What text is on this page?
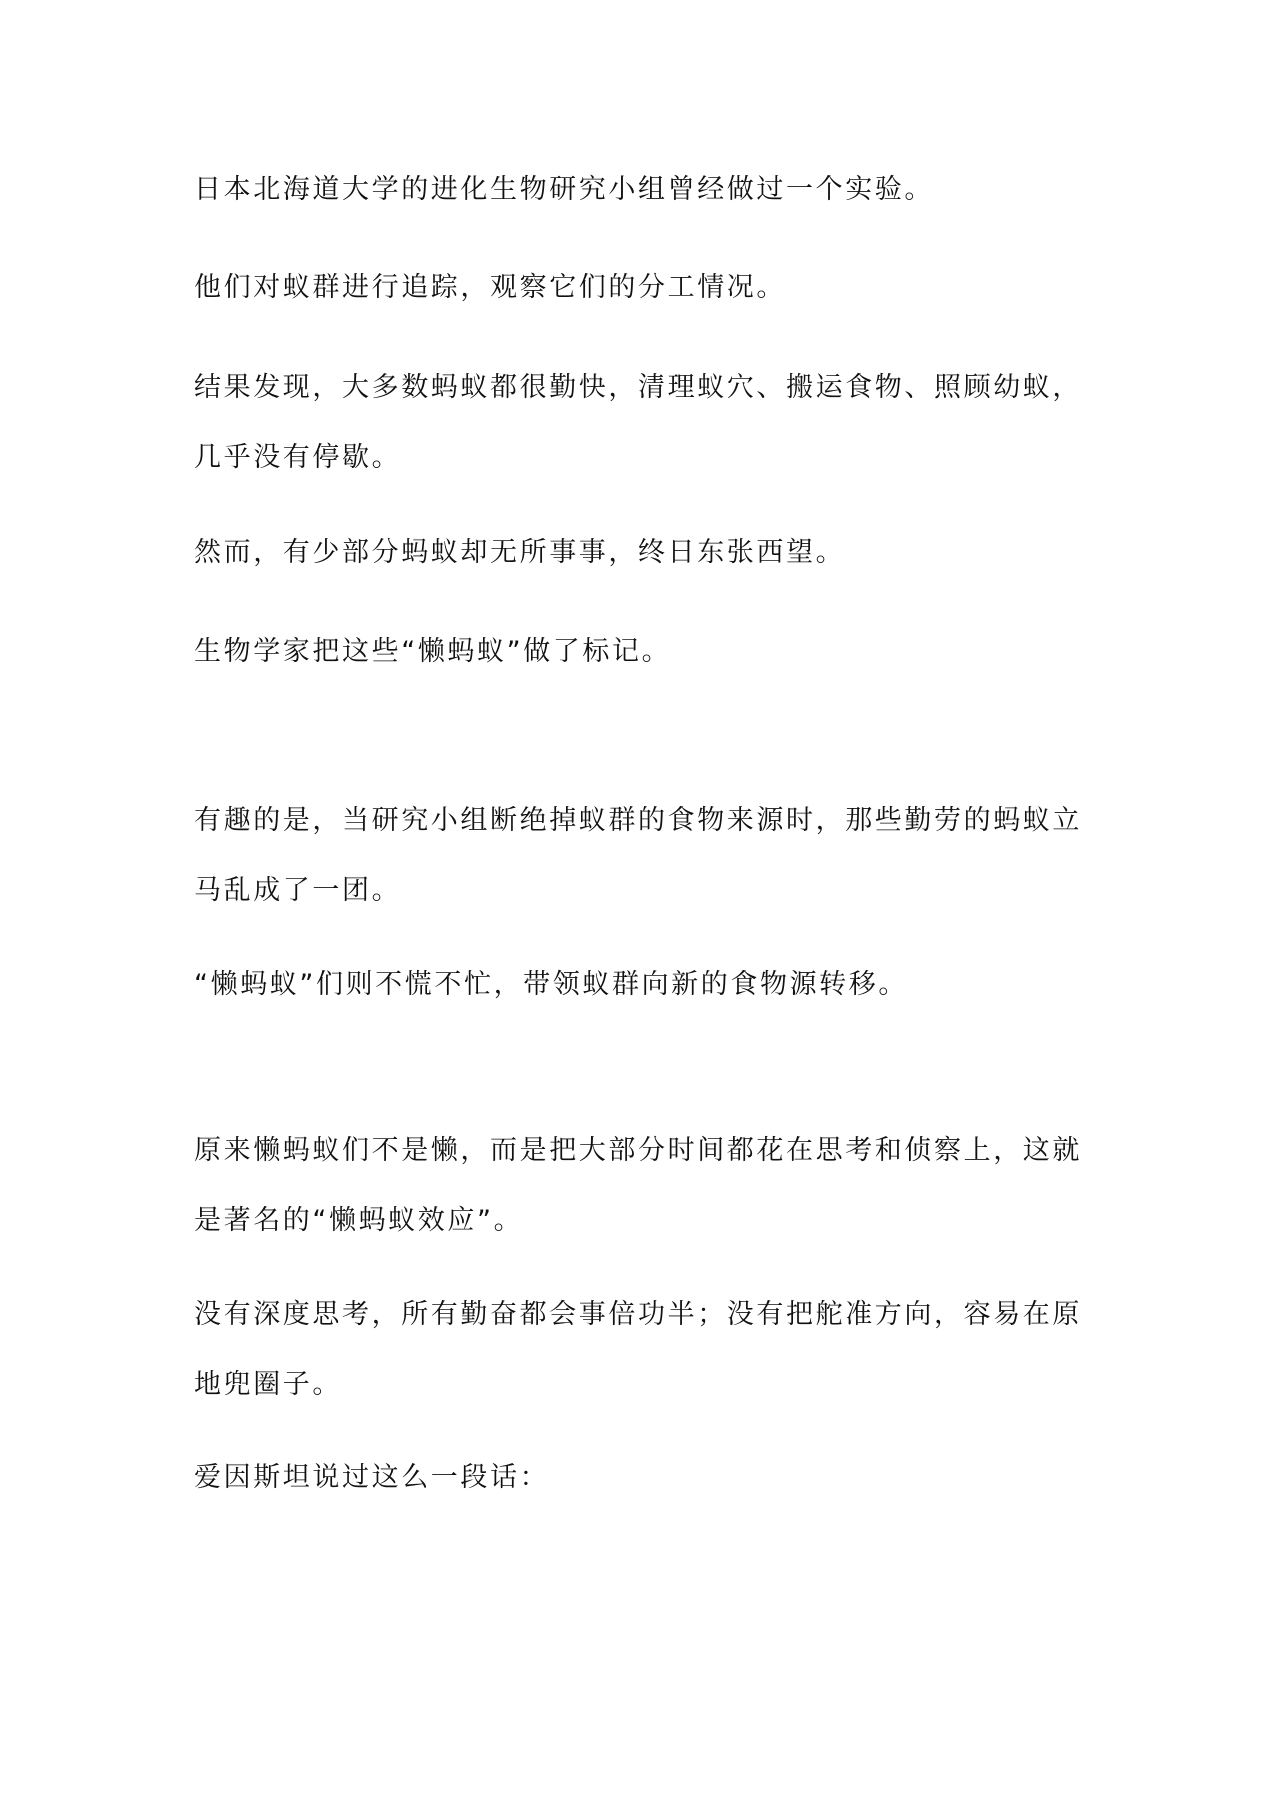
日本北海道大学的进化生物研究小组曾经做过一个实验。
他们对蚁群进行追踪，观察它们的分工情况。
结果发现，大多数蚂蚁都很勤快，清理蚁穴、搬运食物、照顾幼蚁，
几乎没有停歇。
然而，有少部分蚂蚁却无所事事，终日东张西望。
生物学家把这些“懒蚂蚁”做了标记。
有趣的是，当研究小组断绝掉蚁群的食物来源时，那些勤劳的蚂蚁立
马乱成了一团。
“懒蚂蚁”们则不慌不忙，带领蚁群向新的食物源转移。
原来懒蚂蚁们不是懒，而是把大部分时间都花在思考和侦察上，这就
是著名的“懒蚂蚁效应”。
没有深度思考，所有勤奋都会事倍功半；没有把舵准方向，容易在原
地兜圈子。
爱因斯坦说过这么一段话：
